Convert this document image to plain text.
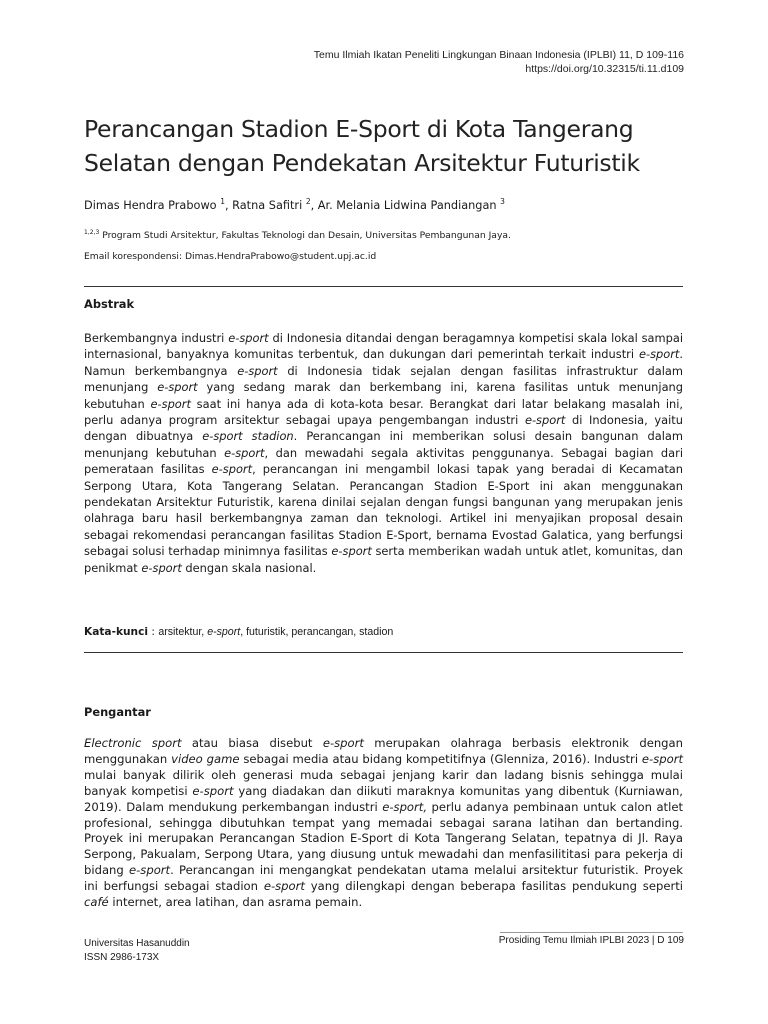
Temu Ilmiah Ikatan Peneliti Lingkungan Binaan Indonesia (IPLBI) 11, D 109-116
https://doi.org/10.32315/ti.11.d109
Perancangan Stadion E-Sport di Kota Tangerang Selatan dengan Pendekatan Arsitektur Futuristik
Dimas Hendra Prabowo $^1$, Ratna Safitri $^2$, Ar. Melania Lidwina Pandiangan $^3$
$^{1,2,3}$ Program Studi Arsitektur, Fakultas Teknologi dan Desain, Universitas Pembangunan Jaya.
Email korespondensi: Dimas.HendraPrabowo@student.upj.ac.id
Abstrak

Berkembangnya industri e-sport di Indonesia ditandai dengan beragamnya kompetisi skala lokal sampai internasional, banyaknya komunitas terbentuk, dan dukungan dari pemerintah terkait industri e-sport. Namun berkembangnya e-sport di Indonesia tidak sejalan dengan fasilitas infrastruktur dalam menunjang e-sport yang sedang marak dan berkembang ini, karena fasilitas untuk menunjang kebutuhan e-sport saat ini hanya ada di kota-kota besar. Berangkat dari latar belakang masalah ini, perlu adanya program arsitektur sebagai upaya pengembangan industri e-sport di Indonesia, yaitu dengan dibuatnya e-sport stadion. Perancangan ini memberikan solusi desain bangunan dalam menunjang kebutuhan e-sport, dan mewadahi segala aktivitas penggunanya. Sebagai bagian dari pemerataan fasilitas e-sport, perancangan ini mengambil lokasi tapak yang beradai di Kecamatan Serpong Utara, Kota Tangerang Selatan. Perancangan Stadion E-Sport ini akan menggunakan pendekatan Arsitektur Futuristik, karena dinilai sejalan dengan fungsi bangunan yang merupakan jenis olahraga baru hasil berkembangnya zaman dan teknologi. Artikel ini menyajikan proposal desain sebagai rekomendasi perancangan fasilitas Stadion E-Sport, bernama Evostad Galatica, yang berfungsi sebagai solusi terhadap minimnya fasilitas e-sport serta memberikan wadah untuk atlet, komunitas, dan penikmat e-sport dengan skala nasional.

Kata-kunci : arsitektur, e-sport, futuristik, perancangan, stadion
Pengantar

Electronic sport atau biasa disebut e-sport merupakan olahraga berbasis elektronik dengan menggunakan video game sebagai media atau bidang kompetitifnya (Glenniza, 2016). Industri e-sport mulai banyak dilirik oleh generasi muda sebagai jenjang karir dan ladang bisnis sehingga mulai banyak kompetisi e-sport yang diadakan dan diikuti maraknya komunitas yang dibentuk (Kurniawan, 2019). Dalam mendukung perkembangan industri e-sport, perlu adanya pembinaan untuk calon atlet profesional, sehingga dibutuhkan tempat yang memadai sebagai sarana latihan dan bertanding. Proyek ini merupakan Perancangan Stadion E-Sport di Kota Tangerang Selatan, tepatnya di Jl. Raya Serpong, Pakualam, Serpong Utara, yang diusung untuk mewadahi dan menfasilititasi para pekerja di bidang e-sport. Perancangan ini mengangkat pendekatan utama melalui arsitektur futuristik. Proyek ini berfungsi sebagai stadion e-sport yang dilengkapi dengan beberapa fasilitas pendukung seperti café internet, area latihan, dan asrama pemain.

Universitas Hasanuddin
ISSN 2986-173X
Prosiding Temu Ilmiah IPLBI 2023 | D 109
